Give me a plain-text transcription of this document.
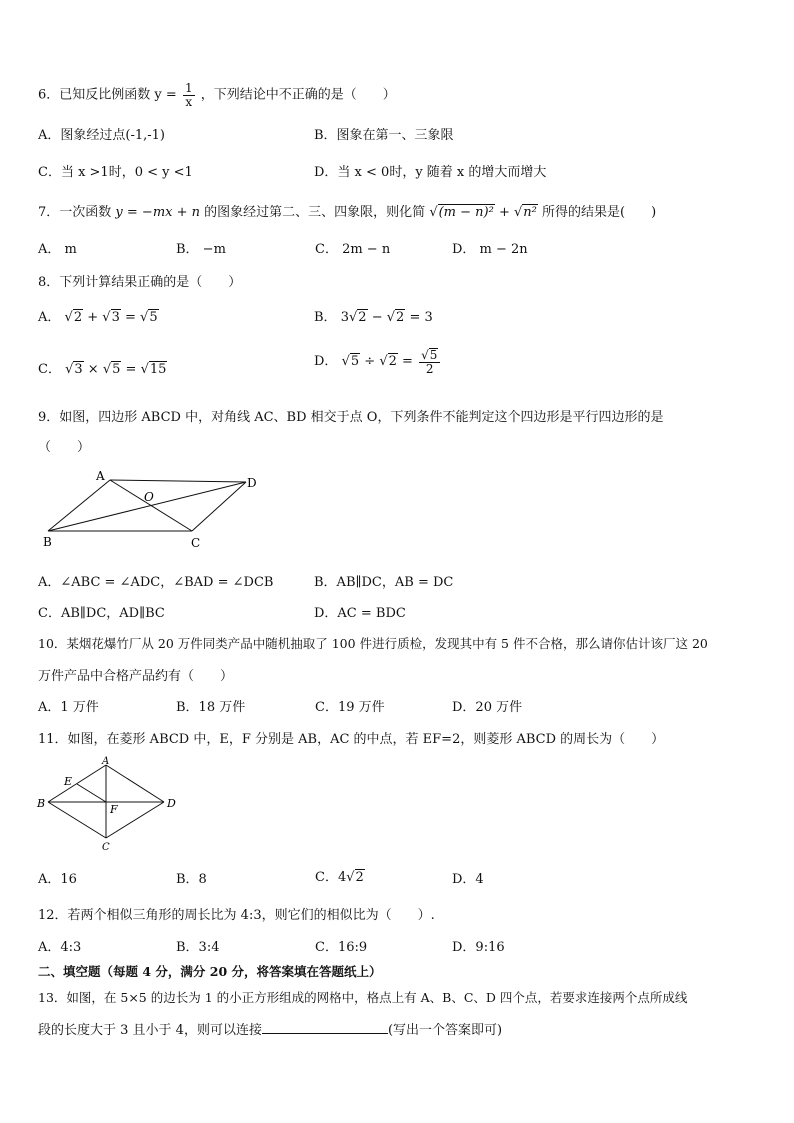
6．已知反比例函数 $y = \frac{1}{x}$ ，下列结论中不正确的是（　　）
A．图象经过点(-1,-1)	B．图象在第一、三象限
C．当 x >1时，0 < y <1	D．当 x < 0时，y 随着 x 的增大而增大
7．一次函数 y = −mx + n 的图象经过第二、三、四象限，则化简 √(m − n)² + √n² 所得的结果是(　　)
A． m	B． −m	C． 2m − n	D． m − 2n
8．下列计算结果正确的是（　　）
A． √2 + √3 = √5	B． 3√2 − √2 = 3
C． √3 × √5 = √15
D． $√5 \div √2 = \frac{√5}{2}$
9．如图，四边形 ABCD 中，对角线 AC、BD 相交于点 O，下列条件不能判定这个四边形是平行四边形的是
（　　）
A	D
O
B	C
A．∠ABC = ∠ADC，∠BAD = ∠DCB	B．AB∥DC，AB = DC
C．AB∥DC，AD∥BC	D．AC = BDC
10．某烟花爆竹厂从 20 万件同类产品中随机抽取了 100 件进行质检，发现其中有 5 件不合格，那么请你估计该厂这 20
万件产品中合格产品约有（　　）
A．1 万件	B．18 万件	C．19 万件	D．20 万件
11．如图，在菱形 ABCD 中，E，F 分别是 AB，AC 的中点，若 EF=2，则菱形 ABCD 的周长为（　　）
A
E
B	F	D
C
A．16	B．8	C．4√2	D．4
12．若两个相似三角形的周长比为 4:3，则它们的相似比为（　　）.
A．4:3	B．3:4	C．16:9	D．9:16
二、填空题（每题 4 分，满分 20 分，将答案填在答题纸上）
13．如图，在 5×5 的边长为 1 的小正方形组成的网格中，格点上有 A、B、C、D 四个点，若要求连接两个点所成线
段的长度大于 3 且小于 4，则可以连接	(写出一个答案即可)
